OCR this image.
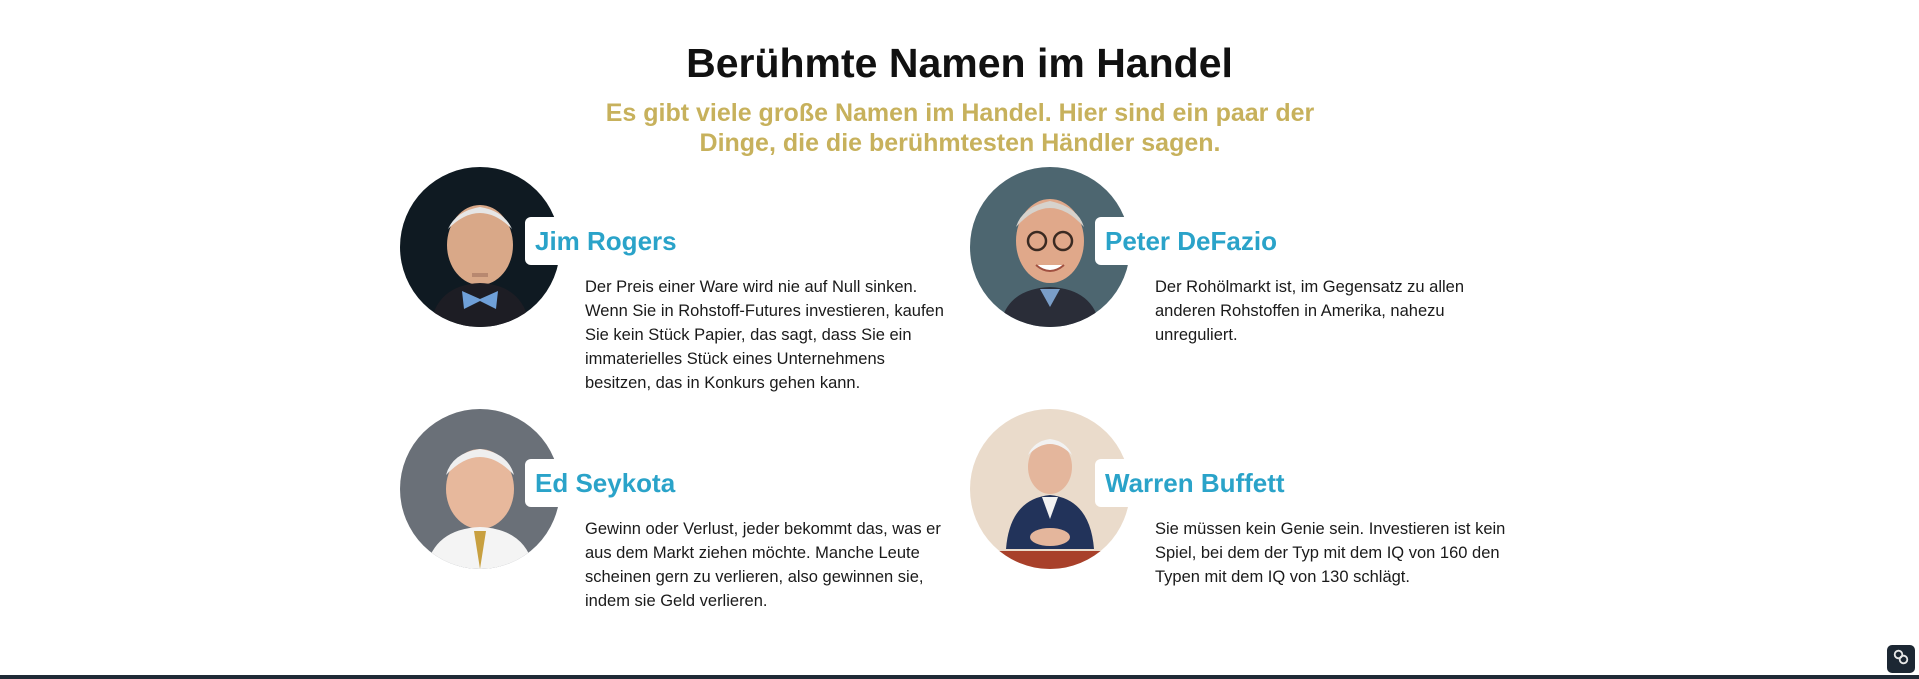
Berühmte Namen im Handel

Es gibt viele große Namen im Handel. Hier sind ein paar der Dinge, die die berühmtesten Händler sagen.

Jim Rogers

Der Preis einer Ware wird nie auf Null sinken. Wenn Sie in Rohstoff-Futures investieren, kaufen Sie kein Stück Papier, das sagt, dass Sie ein immaterielles Stück eines Unternehmens besitzen, das in Konkurs gehen kann.

Peter DeFazio

Der Rohölmarkt ist, im Gegensatz zu allen anderen Rohstoffen in Amerika, nahezu unreguliert.

Ed Seykota

Gewinn oder Verlust, jeder bekommt das, was er aus dem Markt ziehen möchte. Manche Leute scheinen gern zu verlieren, also gewinnen sie, indem sie Geld verlieren.

Warren Buffett

Sie müssen kein Genie sein. Investieren ist kein Spiel, bei dem der Typ mit dem IQ von 160 den Typen mit dem IQ von 130 schlägt.
